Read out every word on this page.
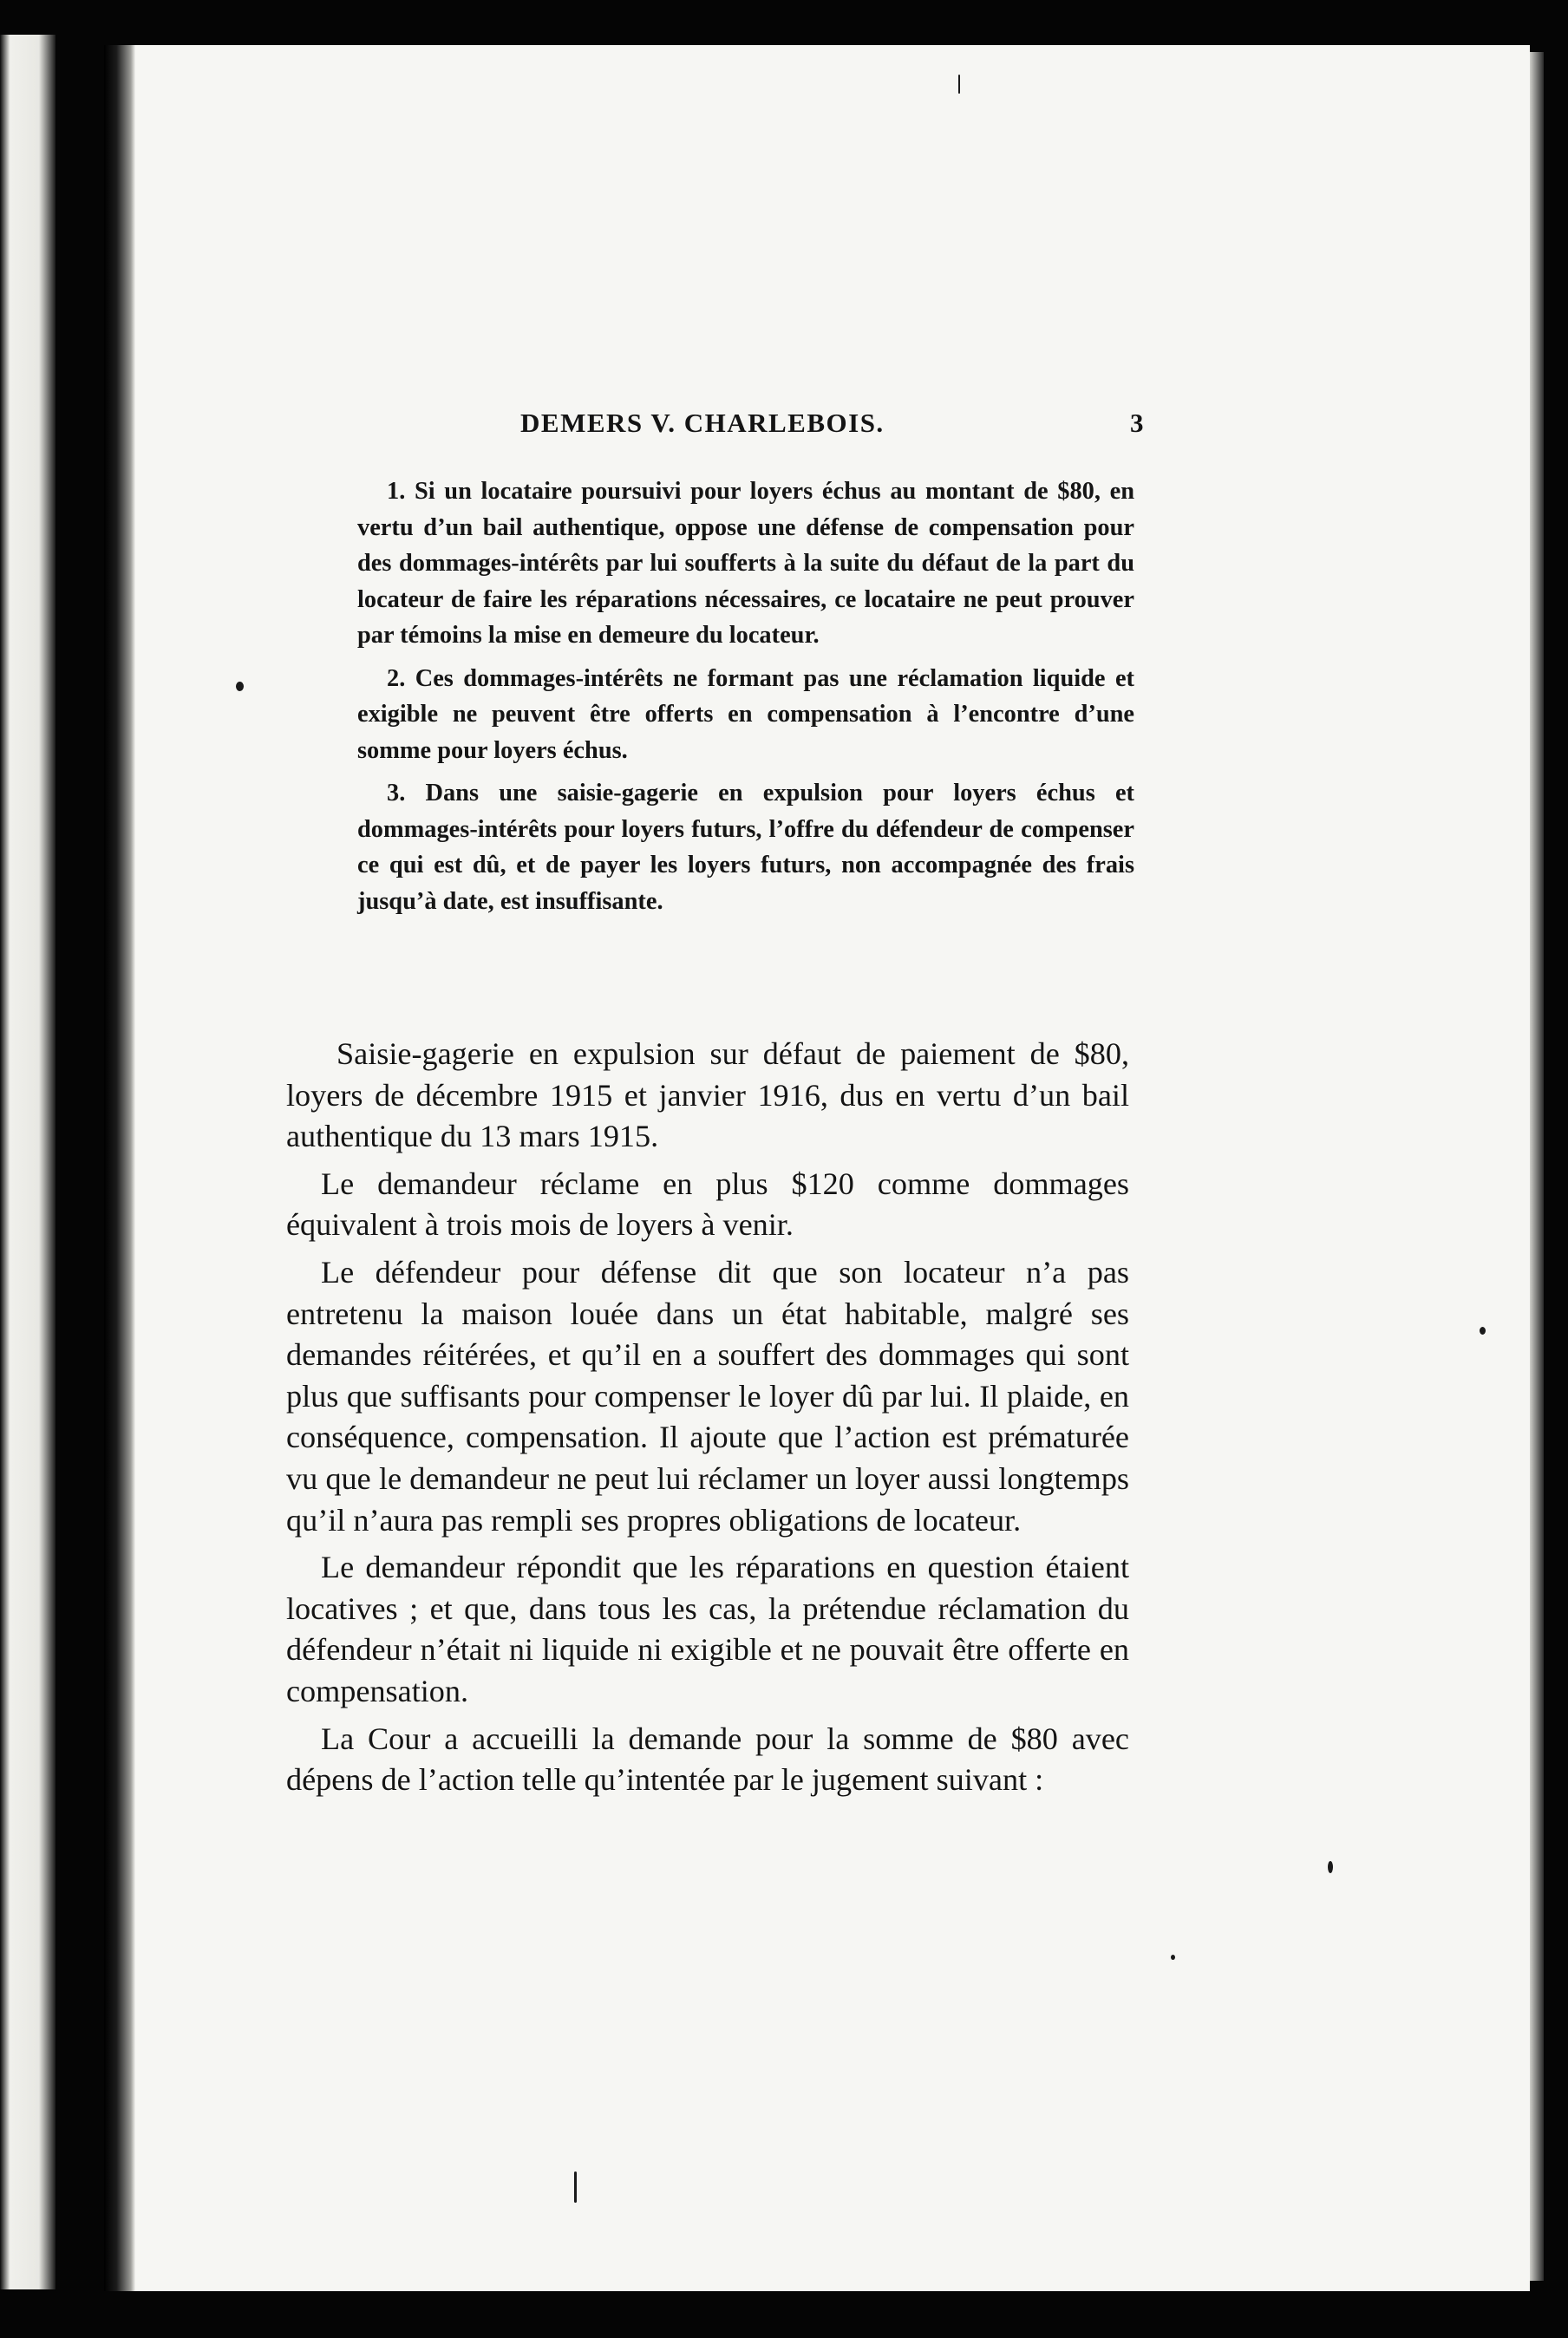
DEMERS V. CHARLEBOIS.	3

1. Si un locataire poursuivi pour loyers échus au montant de $80, en vertu d’un bail authentique, oppose une défense de compensation pour des dommages-intérêts par lui soufferts à la suite du défaut de la part du locateur de faire les réparations nécessaires, ce locataire ne peut prouver par témoins la mise en demeure du locateur.

2. Ces dommages-intérêts ne formant pas une réclamation liquide et exigible ne peuvent être offerts en compensation à l’encontre d’une somme pour loyers échus.

3. Dans une saisie-gagerie en expulsion pour loyers échus et dommages-intérêts pour loyers futurs, l’offre du défendeur de compenser ce qui est dû, et de payer les loyers futurs, non accompagnée des frais jusqu’à date, est insuffisante.

Saisie-gagerie en expulsion sur défaut de paiement de $80, loyers de décembre 1915 et janvier 1916, dus en vertu d’un bail authentique du 13 mars 1915.

Le demandeur réclame en plus $120 comme dommages équivalent à trois mois de loyers à venir.

Le défendeur pour défense dit que son locateur n’a pas entretenu la maison louée dans un état habitable, malgré ses demandes réitérées, et qu’il en a souffert des dommages qui sont plus que suffisants pour compenser le loyer dû par lui. Il plaide, en conséquence, compensation. Il ajoute que l’action est prématurée vu que le demandeur ne peut lui réclamer un loyer aussi longtemps qu’il n’aura pas rempli ses propres obligations de locateur.

Le demandeur répondit que les réparations en question étaient locatives ; et que, dans tous les cas, la prétendue réclamation du défendeur n’était ni liquide ni exigible et ne pouvait être offerte en compensation.

La Cour a accueilli la demande pour la somme de $80 avec dépens de l’action telle qu’intentée par le jugement suivant :
